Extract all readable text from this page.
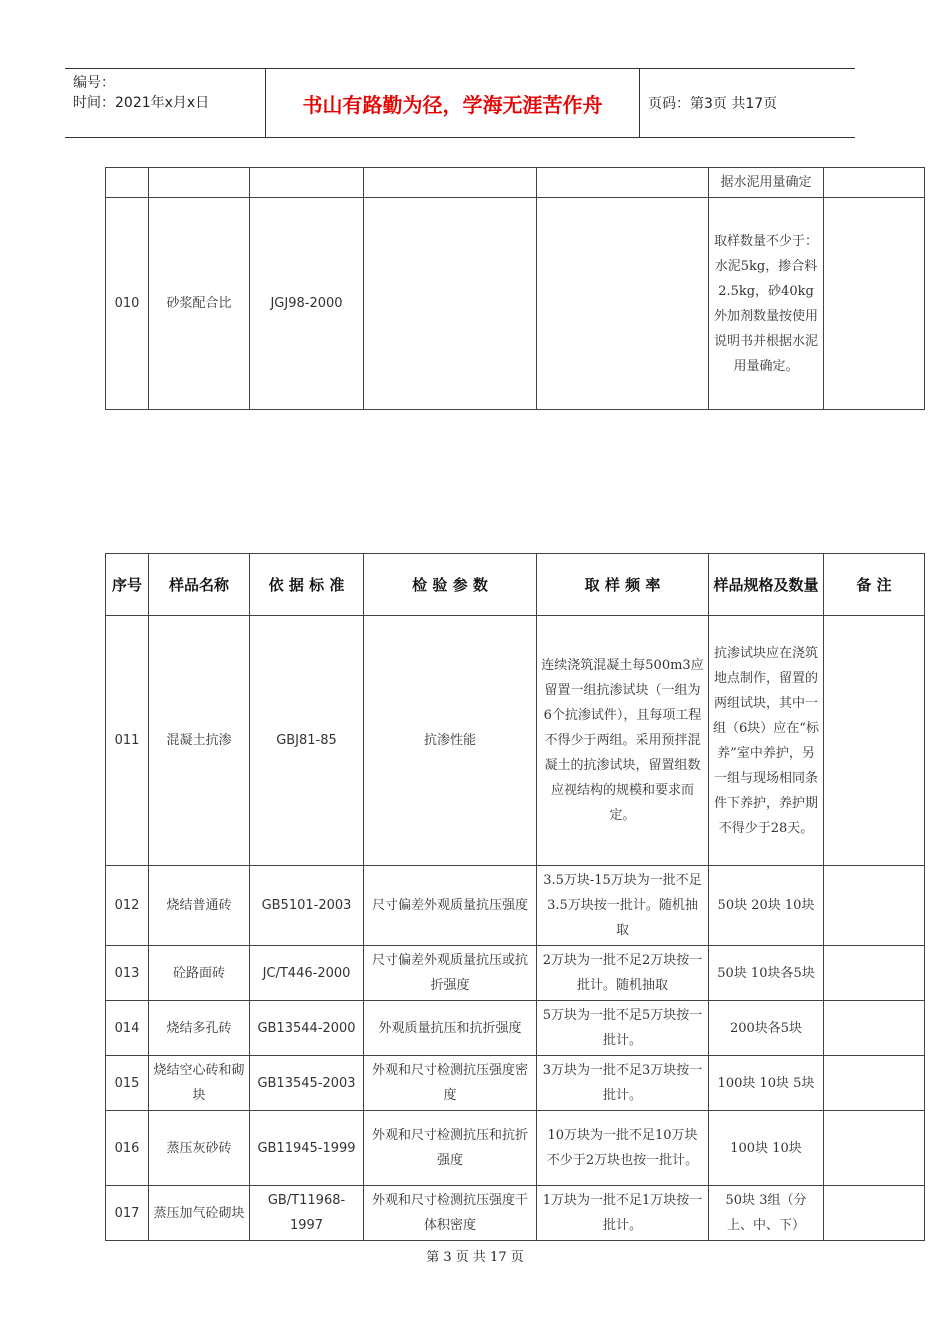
编号：
时间：2021年x月x日	书山有路勤为径，学海无涯苦作舟	页码：第3页 共17页
					据水泥用量确定	
010	砂浆配合比	JGJ98-2000			取样数量不少于：水泥5kg，掺合料2.5kg，砂40kg外加剂数量按使用说明书并根据水泥用量确定。	
序号	样品名称	依 据 标 准	检 验 参 数	取 样 频 率	样品规格及数量	备 注
011	混凝土抗渗	GBJ81-85	抗渗性能	连续浇筑混凝土每500m3应留置一组抗渗试块（一组为6个抗渗试件），且每项工程不得少于两组。采用预拌混凝土的抗渗试块，留置组数应视结构的规模和要求而定。	抗渗试块应在浇筑地点制作，留置的两组试块，其中一组（6块）应在“标养”室中养护，另一组与现场相同条件下养护，养护期不得少于28天。	
012	烧结普通砖	GB5101-2003	尺寸偏差外观质量抗压强度	3.5万块-15万块为一批不足3.5万块按一批计。随机抽取	50块 20块 10块	
013	砼路面砖	JC/T446-2000	尺寸偏差外观质量抗压或抗折强度	2万块为一批不足2万块按一批计。随机抽取	50块 10块各5块	
014	烧结多孔砖	GB13544-2000	外观质量抗压和抗折强度	5万块为一批不足5万块按一批计。	200块各5块	
015	烧结空心砖和砌块	GB13545-2003	外观和尺寸检测抗压强度密度	3万块为一批不足3万块按一批计。	100块 10块 5块	
016	蒸压灰砂砖	GB11945-1999	外观和尺寸检测抗压和抗折强度	10万块为一批不足10万块不少于2万块也按一批计。	100块 10块	
017	蒸压加气砼砌块	GB/T11968-1997	外观和尺寸检测抗压强度干体积密度	1万块为一批不足1万块按一批计。	50块 3组（分上、中、下）	
第 3 页 共 17 页
